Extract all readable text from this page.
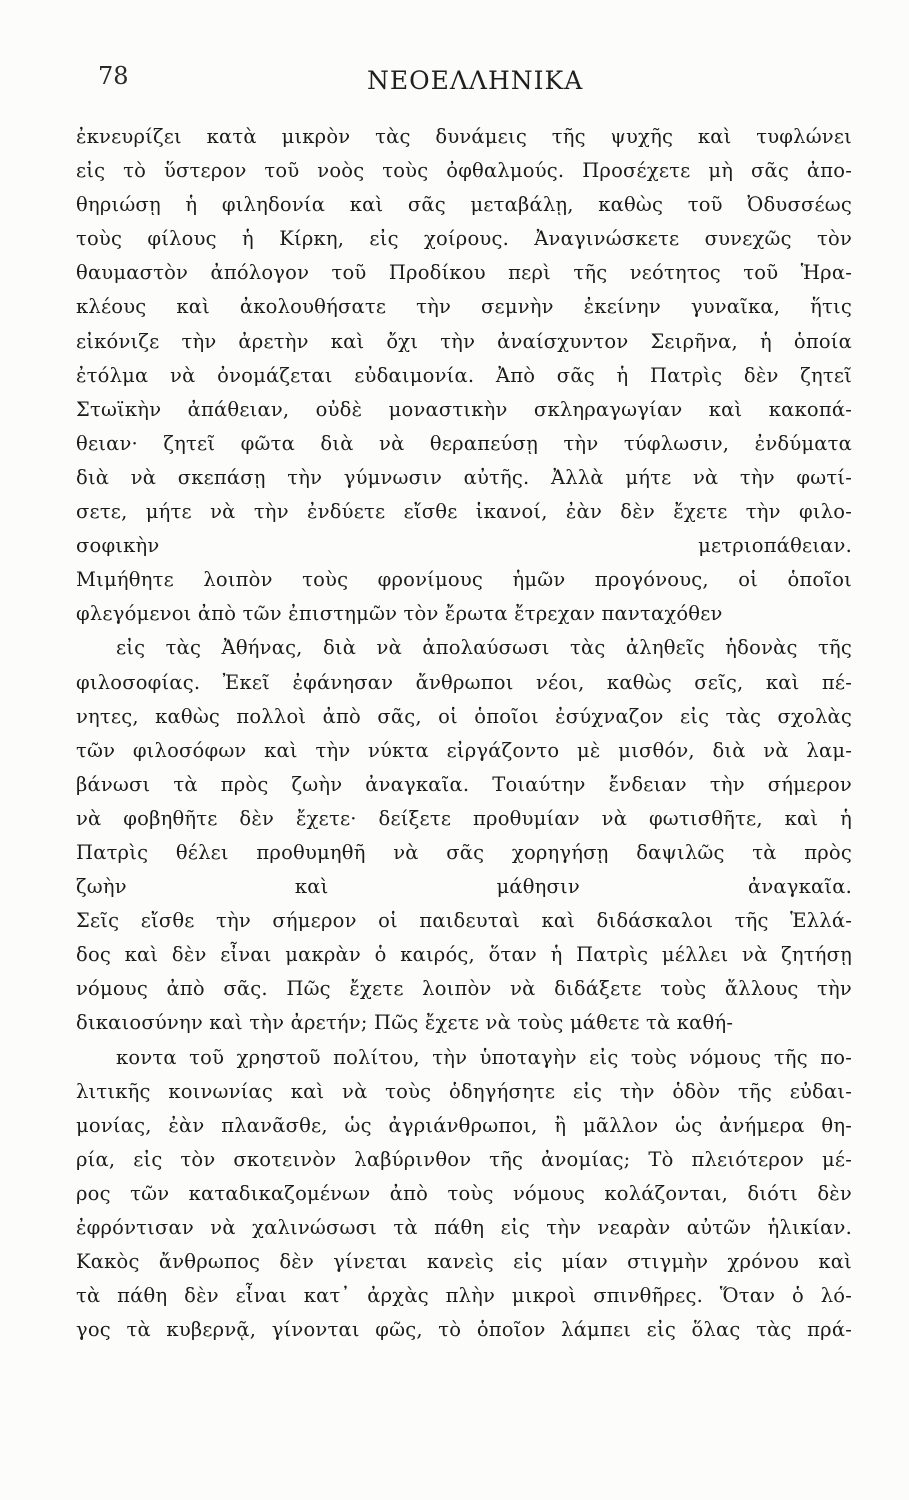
78	ΝΕΟΕΛΛΗΝΙΚΑ
ἐκνευρίζει κατὰ μικρὸν τὰς δυνάμεις τῆς ψυχῆς καὶ τυφλώνει
εἰς τὸ ὕστερον τοῦ νοὸς τοὺς ὀφθαλμούς. Προσέχετε μὴ σᾶς ἀπο-
θηριώσῃ ἡ φιληδονία καὶ σᾶς μεταβάλῃ, καθὼς τοῦ Ὀδυσσέως
τοὺς φίλους ἡ Κίρκη, εἰς χοίρους. Ἀναγινώσκετε συνεχῶς τὸν
θαυμαστὸν ἀπόλογον τοῦ Προδίκου περὶ τῆς νεότητος τοῦ Ἡρα-
κλέους καὶ ἀκολουθήσατε τὴν σεμνὴν ἐκείνην γυναῖκα, ἥτις
εἰκόνιζε τὴν ἀρετὴν καὶ ὄχι τὴν ἀναίσχυντον Σειρῆνα, ἡ ὁποία
ἐτόλμα νὰ ὀνομάζεται εὐδαιμονία. Ἀπὸ σᾶς ἡ Πατρὶς δὲν ζητεῖ
Στωϊκὴν ἀπάθειαν, οὐδὲ μοναστικὴν σκληραγωγίαν καὶ κακοπά-
θειαν· ζητεῖ φῶτα διὰ νὰ θεραπεύσῃ τὴν τύφλωσιν, ἐνδύματα
διὰ νὰ σκεπάσῃ τὴν γύμνωσιν αὐτῆς. Ἀλλὰ μήτε νὰ τὴν φωτί-
σετε, μήτε νὰ τὴν ἐνδύετε εἴσθε ἱκανοί, ἐὰν δὲν ἔχετε τὴν φιλο-
σοφικὴν μετριοπάθειαν.
Μιμήθητε λοιπὸν τοὺς φρονίμους ἡμῶν προγόνους, οἱ ὁποῖοι
φλεγόμενοι ἀπὸ τῶν ἐπιστημῶν τὸν ἔρωτα ἔτρεχαν πανταχόθεν
εἰς τὰς Ἀθήνας, διὰ νὰ ἀπολαύσωσι τὰς ἀληθεῖς ἡδονὰς τῆς
φιλοσοφίας. Ἐκεῖ ἐφάνησαν ἄνθρωποι νέοι, καθὼς σεῖς, καὶ πέ-
νητες, καθὼς πολλοὶ ἀπὸ σᾶς, οἱ ὁποῖοι ἐσύχναζον εἰς τὰς σχολὰς
τῶν φιλοσόφων καὶ τὴν νύκτα εἰργάζοντο μὲ μισθόν, διὰ νὰ λαμ-
βάνωσι τὰ πρὸς ζωὴν ἀναγκαῖα. Τοιαύτην ἔνδειαν τὴν σήμερον
νὰ φοβηθῆτε δὲν ἔχετε· δείξετε προθυμίαν νὰ φωτισθῆτε, καὶ ἡ
Πατρὶς θέλει προθυμηθῆ νὰ σᾶς χορηγήσῃ δαψιλῶς τὰ πρὸς
ζωὴν καὶ μάθησιν ἀναγκαῖα.
Σεῖς εἴσθε τὴν σήμερον οἱ παιδευταὶ καὶ διδάσκαλοι τῆς Ἑλλά-
δος καὶ δὲν εἶναι μακρὰν ὁ καιρός, ὅταν ἡ Πατρὶς μέλλει νὰ ζητήσῃ
νόμους ἀπὸ σᾶς. Πῶς ἔχετε λοιπὸν νὰ διδάξετε τοὺς ἄλλους τὴν
δικαιοσύνην καὶ τὴν ἀρετήν; Πῶς ἔχετε νὰ τοὺς μάθετε τὰ καθή-
κοντα τοῦ χρηστοῦ πολίτου, τὴν ὑποταγὴν εἰς τοὺς νόμους τῆς πο-
λιτικῆς κοινωνίας καὶ νὰ τοὺς ὁδηγήσητε εἰς τὴν ὁδὸν τῆς εὐδαι-
μονίας, ἐὰν πλανᾶσθε, ὡς ἀγριάνθρωποι, ἢ μᾶλλον ὡς ἀνήμερα θη-
ρία, εἰς τὸν σκοτεινὸν λαβύρινθον τῆς ἀνομίας; Τὸ πλειότερον μέ-
ρος τῶν καταδικαζομένων ἀπὸ τοὺς νόμους κολάζονται, διότι δὲν
ἐφρόντισαν νὰ χαλινώσωσι τὰ πάθη εἰς τὴν νεαρὰν αὐτῶν ἡλικίαν.
Κακὸς ἄνθρωπος δὲν γίνεται κανεὶς εἰς μίαν στιγμὴν χρόνου καὶ
τὰ πάθη δὲν εἶναι κατ᾽ ἀρχὰς πλὴν μικροὶ σπινθῆρες. Ὅταν ὁ λό-
γος τὰ κυβερνᾷ, γίνονται φῶς, τὸ ὁποῖον λάμπει εἰς ὅλας τὰς πρά-
